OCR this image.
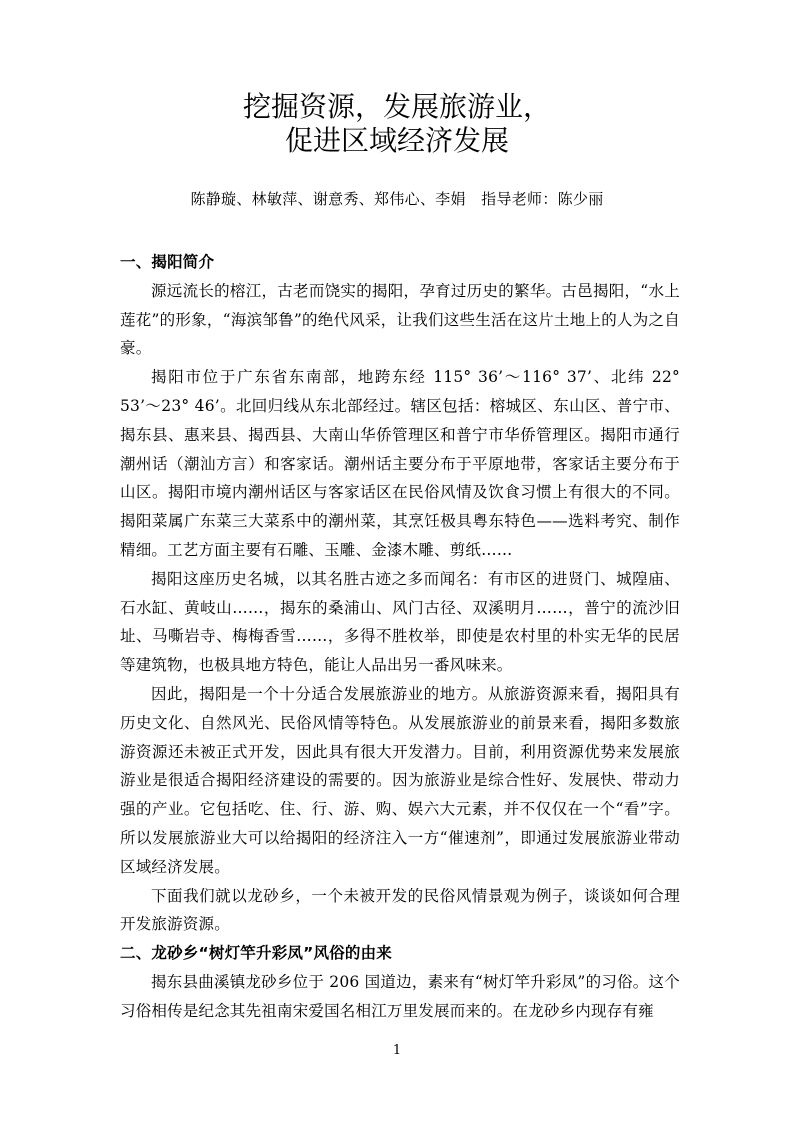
挖掘资源，发展旅游业，
促进区域经济发展
陈静璇、林敏萍、谢意秀、郑伟心、李娟　指导老师：陈少丽
一、揭阳简介

源远流长的榕江，古老而饶实的揭阳，孕育过历史的繁华。古邑揭阳，“水上莲花”的形象，“海滨邹鲁”的绝代风采，让我们这些生活在这片土地上的人为之自豪。

揭阳市位于广东省东南部，地跨东经 115° 36’～116° 37’、北纬 22° 53’～23° 46’。北回归线从东北部经过。辖区包括：榕城区、东山区、普宁市、揭东县、惠来县、揭西县、大南山华侨管理区和普宁市华侨管理区。揭阳市通行潮州话（潮汕方言）和客家话。潮州话主要分布于平原地带，客家话主要分布于山区。揭阳市境内潮州话区与客家话区在民俗风情及饮食习惯上有很大的不同。揭阳菜属广东菜三大菜系中的潮州菜，其烹饪极具粤东特色——选料考究、制作精细。工艺方面主要有石雕、玉雕、金漆木雕、剪纸……

揭阳这座历史名城，以其名胜古迹之多而闻名：有市区的进贤门、城隍庙、石水缸、黄岐山……，揭东的桑浦山、风门古径、双溪明月……，普宁的流沙旧址、马嘶岩寺、梅梅香雪……，多得不胜枚举，即使是农村里的朴实无华的民居等建筑物，也极具地方特色，能让人品出另一番风味来。

因此，揭阳是一个十分适合发展旅游业的地方。从旅游资源来看，揭阳具有历史文化、自然风光、民俗风情等特色。从发展旅游业的前景来看，揭阳多数旅游资源还未被正式开发，因此具有很大开发潜力。目前，利用资源优势来发展旅游业是很适合揭阳经济建设的需要的。因为旅游业是综合性好、发展快、带动力强的产业。它包括吃、住、行、游、购、娱六大元素，并不仅仅在一个“看”字。所以发展旅游业大可以给揭阳的经济注入一方“催速剂”，即通过发展旅游业带动区域经济发展。

下面我们就以龙砂乡，一个未被开发的民俗风情景观为例子，谈谈如何合理开发旅游资源。

二、龙砂乡“树灯竿升彩凤”风俗的由来

揭东县曲溪镇龙砂乡位于 206 国道边，素来有“树灯竿升彩凤”的习俗。这个习俗相传是纪念其先祖南宋爱国名相江万里发展而来的。在龙砂乡内现存有雍

1
